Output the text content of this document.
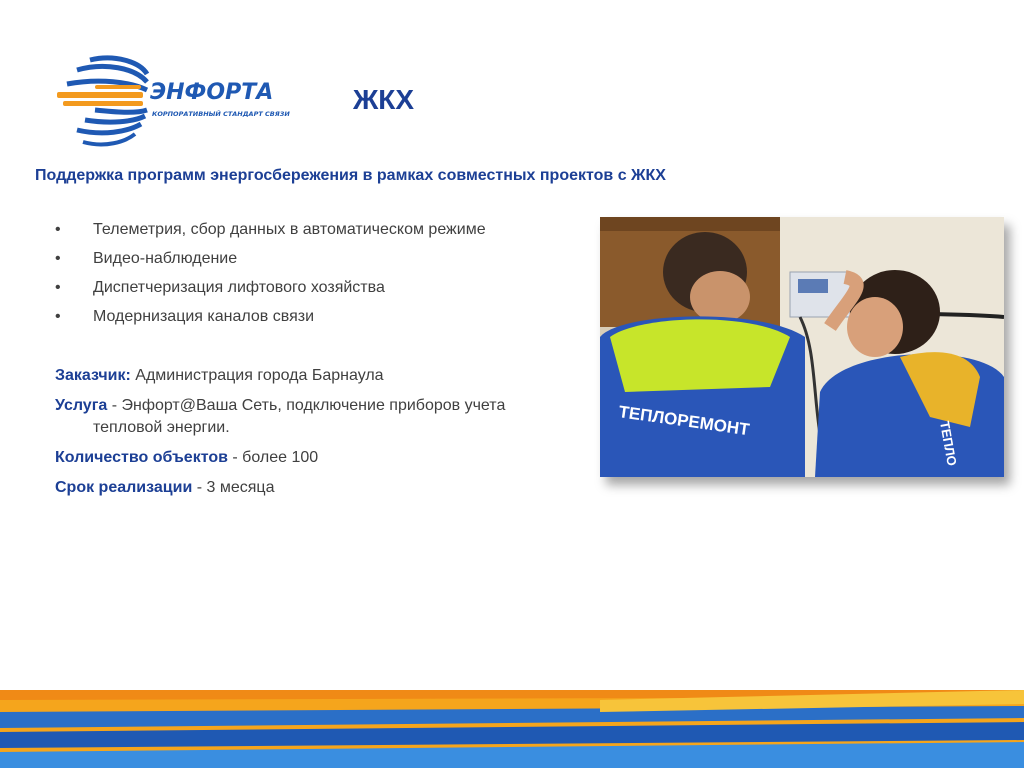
ЭНФОРТА
КОРПОРАТИВНЫЙ СТАНДАРТ СВЯЗИ ЖКХ
Поддержка программ энергосбережения в рамках совместных проектов с ЖКХ
• Телеметрия, сбор данных в автоматическом режиме
• Видео-наблюдение
• Диспетчеризация лифтового хозяйства
• Модернизация каналов связи

Заказчик: Администрация города Барнаула

Услуга - Энфорт@Ваша Сеть, подключение приборов учета тепловой энергии.

Количество объектов - более 100

Срок реализации - 3 месяца

ТЕПЛОРЕМОНТ	ТЕПЛО
